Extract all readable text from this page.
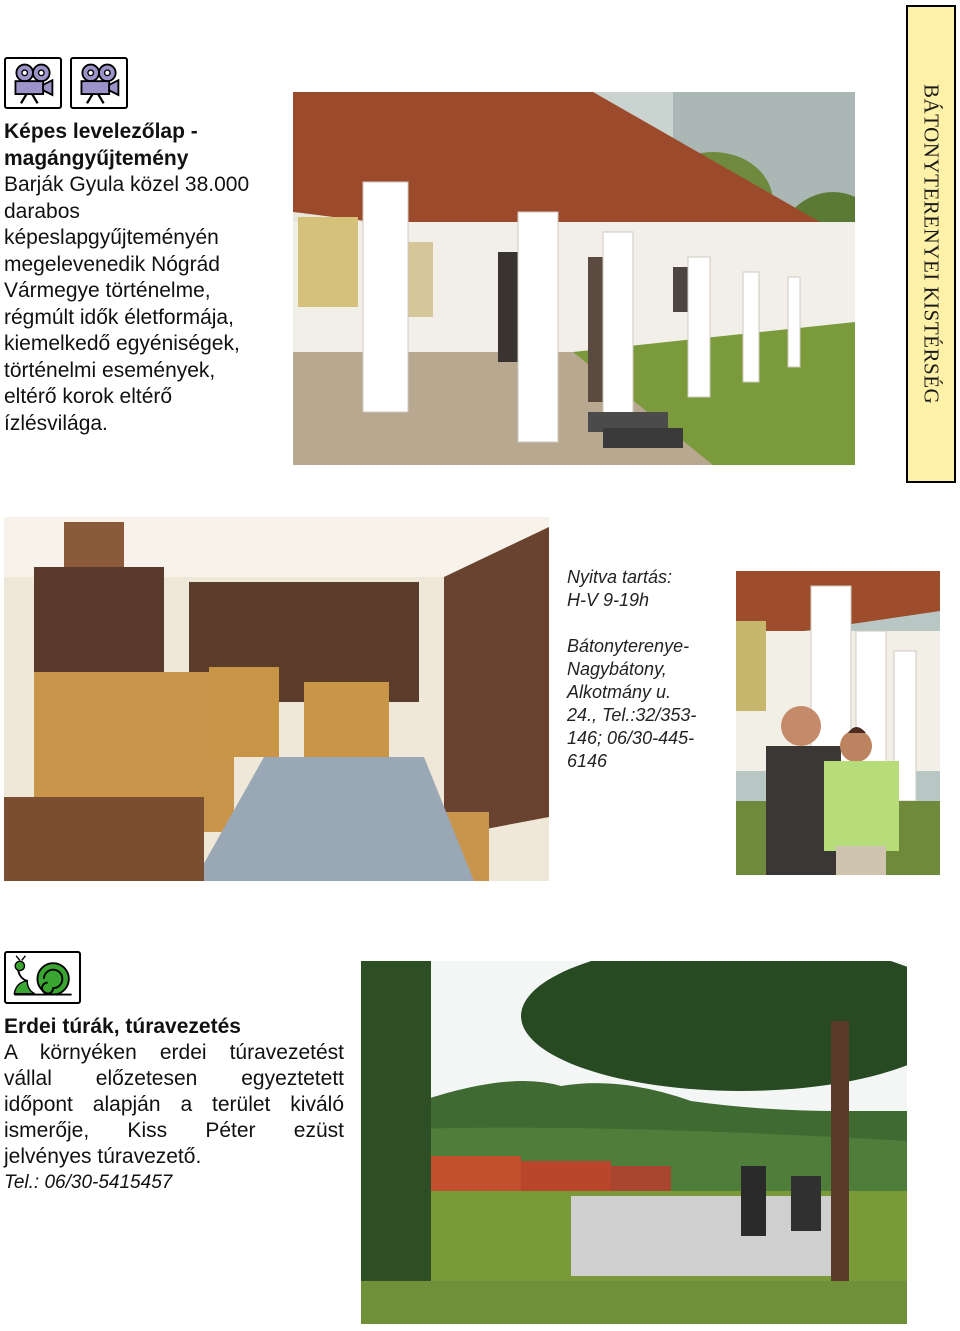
Képes levelezőlap -
magángyűjtemény
Barják Gyula közel 38.000
darabos
képeslapgyűjteményén
megelevenedik Nógrád
Vármegye történelme,
régmúlt idők életformája,
kiemelkedő egyéniségek,
történelmi események,
eltérő korok eltérő
ízlésvilága.
BÁTONYTERENYEI KISTÉRSÉG
Nyitva tartás:
H-V 9-19h
Bátonyterenye-
Nagybátony,
Alkotmány u.
24., Tel.:32/353-
146; 06/30-445-
6146
Erdei túrák, túravezetés
A környéken erdei túravezetést
vállal előzetesen egyeztetett
időpont alapján a terület kiváló
ismerője, Kiss Péter ezüst
jelvényes túravezető.
Tel.: 06/30-5415457
